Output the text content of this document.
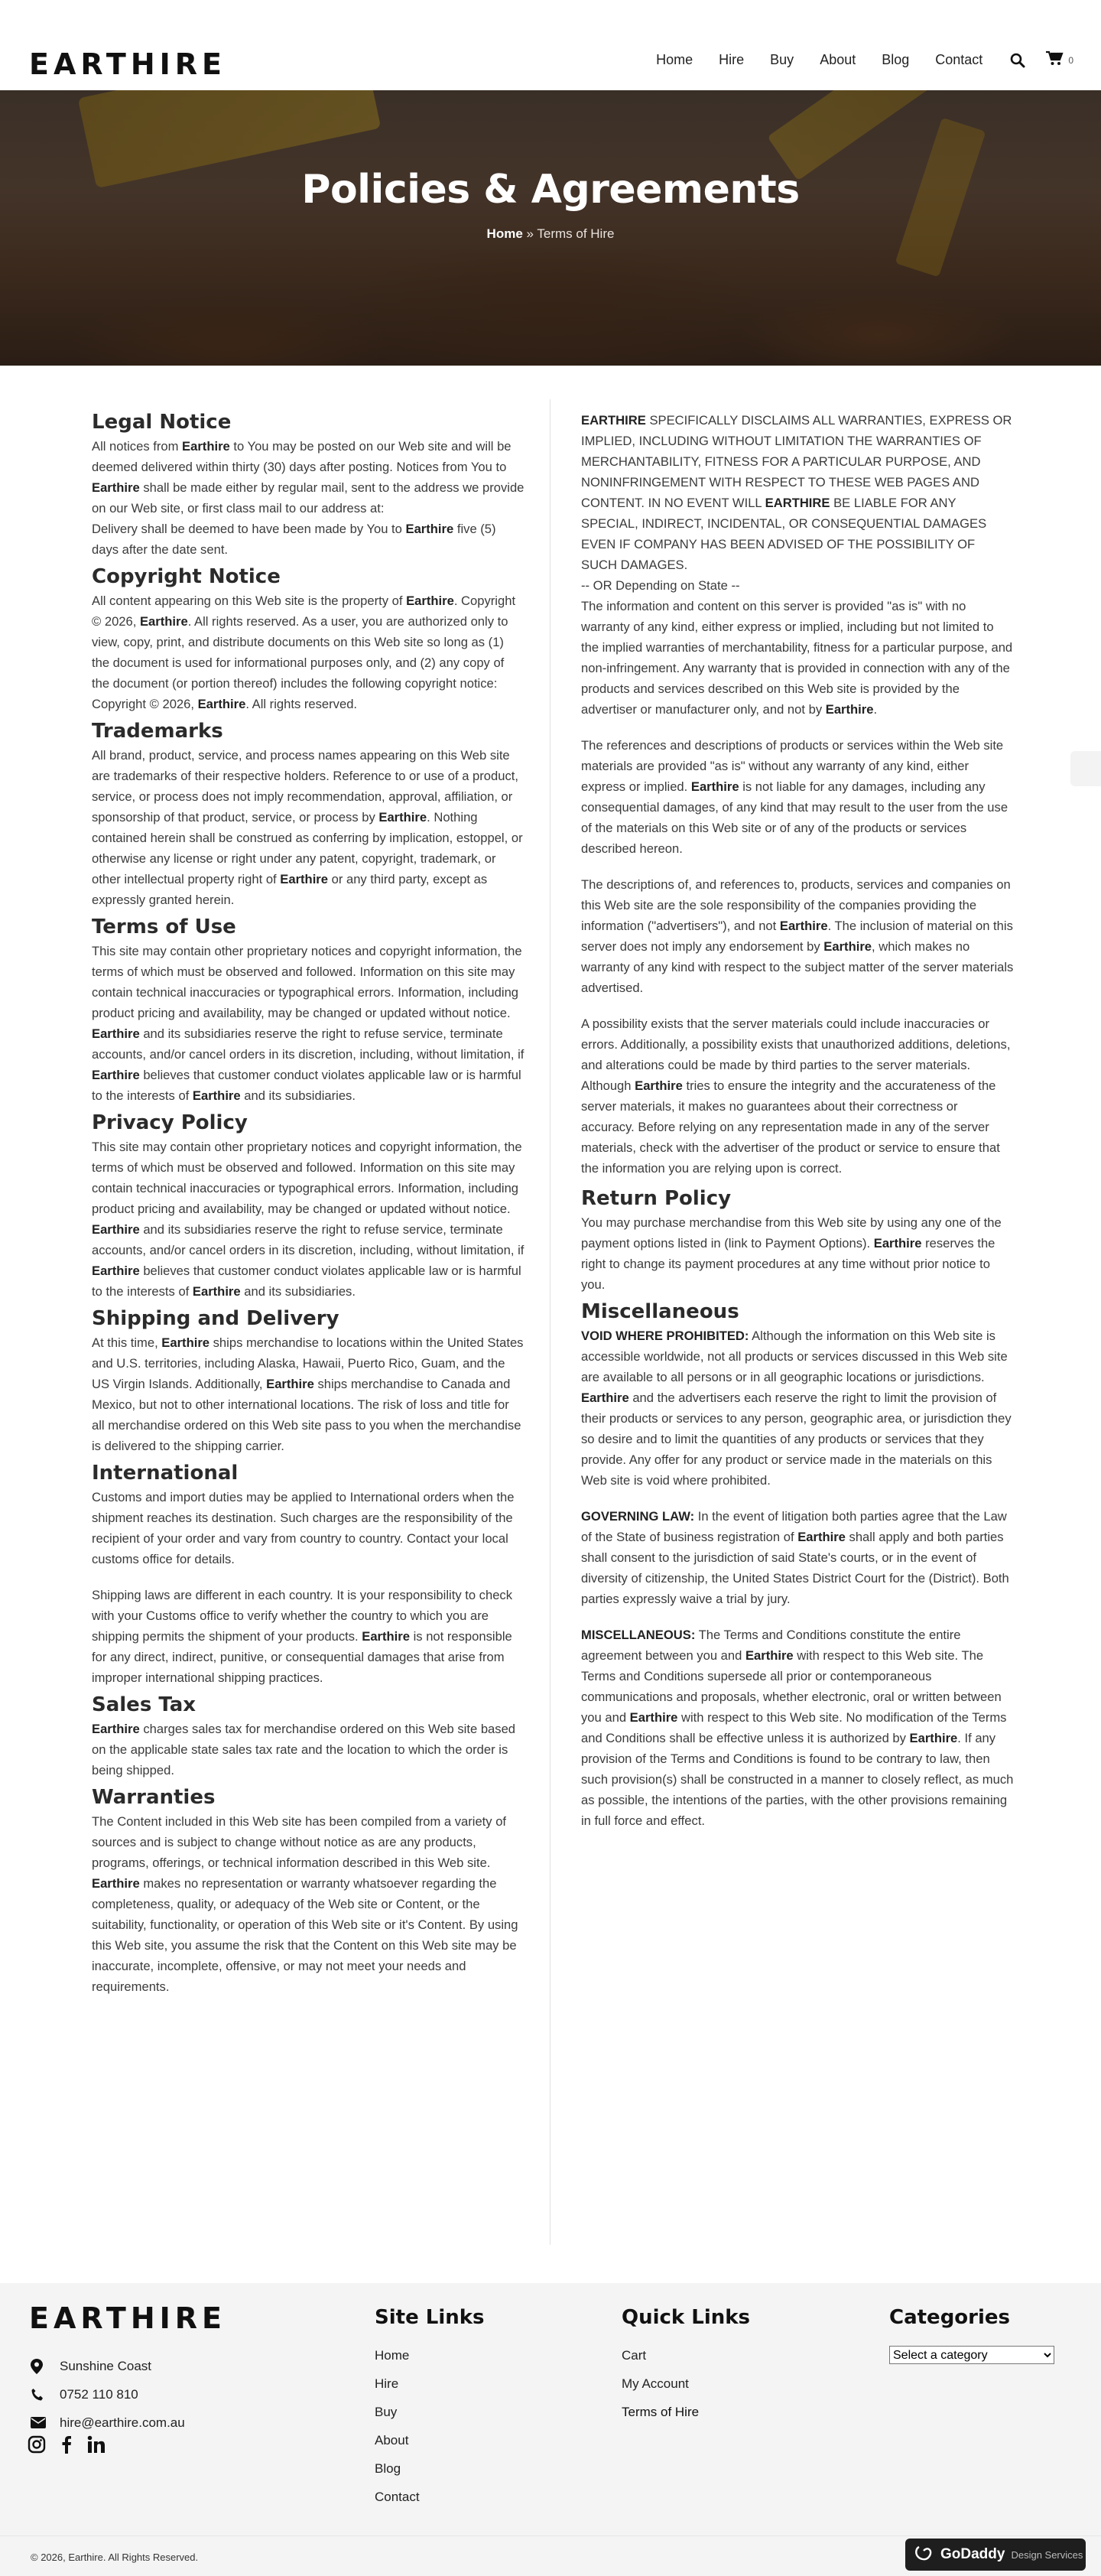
EARTHIRE	Home Hire Buy About Blog Contact	0
Policies & Agreements
Home » Terms of Hire
Legal Notice

All notices from Earthire to You may be posted on our Web site and will be deemed delivered within thirty (30) days after posting. Notices from You to Earthire shall be made either by regular mail, sent to the address we provide on our Web site, or first class mail to our address at:

Delivery shall be deemed to have been made by You to Earthire five (5) days after the date sent.

Copyright Notice

All content appearing on this Web site is the property of Earthire. Copyright © 2026, Earthire. All rights reserved. As a user, you are authorized only to view, copy, print, and distribute documents on this Web site so long as (1) the document is used for informational purposes only, and (2) any copy of the document (or portion thereof) includes the following copyright notice: Copyright © 2026, Earthire. All rights reserved.

Trademarks

All brand, product, service, and process names appearing on this Web site are trademarks of their respective holders. Reference to or use of a product, service, or process does not imply recommendation, approval, affiliation, or sponsorship of that product, service, or process by Earthire. Nothing contained herein shall be construed as conferring by implication, estoppel, or otherwise any license or right under any patent, copyright, trademark, or other intellectual property right of Earthire or any third party, except as expressly granted herein.

Terms of Use

This site may contain other proprietary notices and copyright information, the terms of which must be observed and followed. Information on this site may contain technical inaccuracies or typographical errors. Information, including product pricing and availability, may be changed or updated without notice. Earthire and its subsidiaries reserve the right to refuse service, terminate accounts, and/or cancel orders in its discretion, including, without limitation, if Earthire believes that customer conduct violates applicable law or is harmful to the interests of Earthire and its subsidiaries.

Privacy Policy

This site may contain other proprietary notices and copyright information, the terms of which must be observed and followed. Information on this site may contain technical inaccuracies or typographical errors. Information, including product pricing and availability, may be changed or updated without notice. Earthire and its subsidiaries reserve the right to refuse service, terminate accounts, and/or cancel orders in its discretion, including, without limitation, if Earthire believes that customer conduct violates applicable law or is harmful to the interests of Earthire and its subsidiaries.

Shipping and Delivery

At this time, Earthire ships merchandise to locations within the United States and U.S. territories, including Alaska, Hawaii, Puerto Rico, Guam, and the US Virgin Islands. Additionally, Earthire ships merchandise to Canada and Mexico, but not to other international locations. The risk of loss and title for all merchandise ordered on this Web site pass to you when the merchandise is delivered to the shipping carrier.

International

Customs and import duties may be applied to International orders when the shipment reaches its destination. Such charges are the responsibility of the recipient of your order and vary from country to country. Contact your local customs office for details.

Shipping laws are different in each country. It is your responsibility to check with your Customs office to verify whether the country to which you are shipping permits the shipment of your products. Earthire is not responsible for any direct, indirect, punitive, or consequential damages that arise from improper international shipping practices.

Sales Tax

Earthire charges sales tax for merchandise ordered on this Web site based on the applicable state sales tax rate and the location to which the order is being shipped.

Warranties

The Content included in this Web site has been compiled from a variety of sources and is subject to change without notice as are any products, programs, offerings, or technical information described in this Web site. Earthire makes no representation or warranty whatsoever regarding the completeness, quality, or adequacy of the Web site or Content, or the suitability, functionality, or operation of this Web site or it's Content. By using this Web site, you assume the risk that the Content on this Web site may be inaccurate, incomplete, offensive, or may not meet your needs and requirements.

EARTHIRE SPECIFICALLY DISCLAIMS ALL WARRANTIES, EXPRESS OR IMPLIED, INCLUDING WITHOUT LIMITATION THE WARRANTIES OF MERCHANTABILITY, FITNESS FOR A PARTICULAR PURPOSE, AND NONINFRINGEMENT WITH RESPECT TO THESE WEB PAGES AND CONTENT. IN NO EVENT WILL EARTHIRE BE LIABLE FOR ANY SPECIAL, INDIRECT, INCIDENTAL, OR CONSEQUENTIAL DAMAGES EVEN IF COMPANY HAS BEEN ADVISED OF THE POSSIBILITY OF SUCH DAMAGES.

-- OR Depending on State --

The information and content on this server is provided "as is" with no warranty of any kind, either express or implied, including but not limited to the implied warranties of merchantability, fitness for a particular purpose, and non-infringement. Any warranty that is provided in connection with any of the products and services described on this Web site is provided by the advertiser or manufacturer only, and not by Earthire.

The references and descriptions of products or services within the Web site materials are provided "as is" without any warranty of any kind, either express or implied. Earthire is not liable for any damages, including any consequential damages, of any kind that may result to the user from the use of the materials on this Web site or of any of the products or services described hereon.

The descriptions of, and references to, products, services and companies on this Web site are the sole responsibility of the companies providing the information ("advertisers"), and not Earthire. The inclusion of material on this server does not imply any endorsement by Earthire, which makes no warranty of any kind with respect to the subject matter of the server materials advertised.

A possibility exists that the server materials could include inaccuracies or errors. Additionally, a possibility exists that unauthorized additions, deletions, and alterations could be made by third parties to the server materials. Although Earthire tries to ensure the integrity and the accurateness of the server materials, it makes no guarantees about their correctness or accuracy. Before relying on any representation made in any of the server materials, check with the advertiser of the product or service to ensure that the information you are relying upon is correct.

Return Policy

You may purchase merchandise from this Web site by using any one of the payment options listed in (link to Payment Options). Earthire reserves the right to change its payment procedures at any time without prior notice to you.

Miscellaneous

VOID WHERE PROHIBITED: Although the information on this Web site is accessible worldwide, not all products or services discussed in this Web site are available to all persons or in all geographic locations or jurisdictions. Earthire and the advertisers each reserve the right to limit the provision of their products or services to any person, geographic area, or jurisdiction they so desire and to limit the quantities of any products or services that they provide. Any offer for any product or service made in the materials on this Web site is void where prohibited.

GOVERNING LAW: In the event of litigation both parties agree that the Law of the State of business registration of Earthire shall apply and both parties shall consent to the jurisdiction of said State's courts, or in the event of diversity of citizenship, the United States District Court for the (District). Both parties expressly waive a trial by jury.

MISCELLANEOUS: The Terms and Conditions constitute the entire agreement between you and Earthire with respect to this Web site. The Terms and Conditions supersede all prior or contemporaneous communications and proposals, whether electronic, oral or written between you and Earthire with respect to this Web site. No modification of the Terms and Conditions shall be effective unless it is authorized by Earthire. If any provision of the Terms and Conditions is found to be contrary to law, then such provision(s) shall be constructed in a manner to closely reflect, as much as possible, the intentions of the parties, with the other provisions remaining in full force and effect.

EARTHIRE
Sunshine Coast
0752 110 810
hire@earthire.com.au
Site Links
Home
Hire
Buy
About
Blog
Contact
Quick Links
Cart
My Account
Terms of Hire
Categories
Select a category
© 2026, Earthire. All Rights Reserved.	GoDaddy Design Services
